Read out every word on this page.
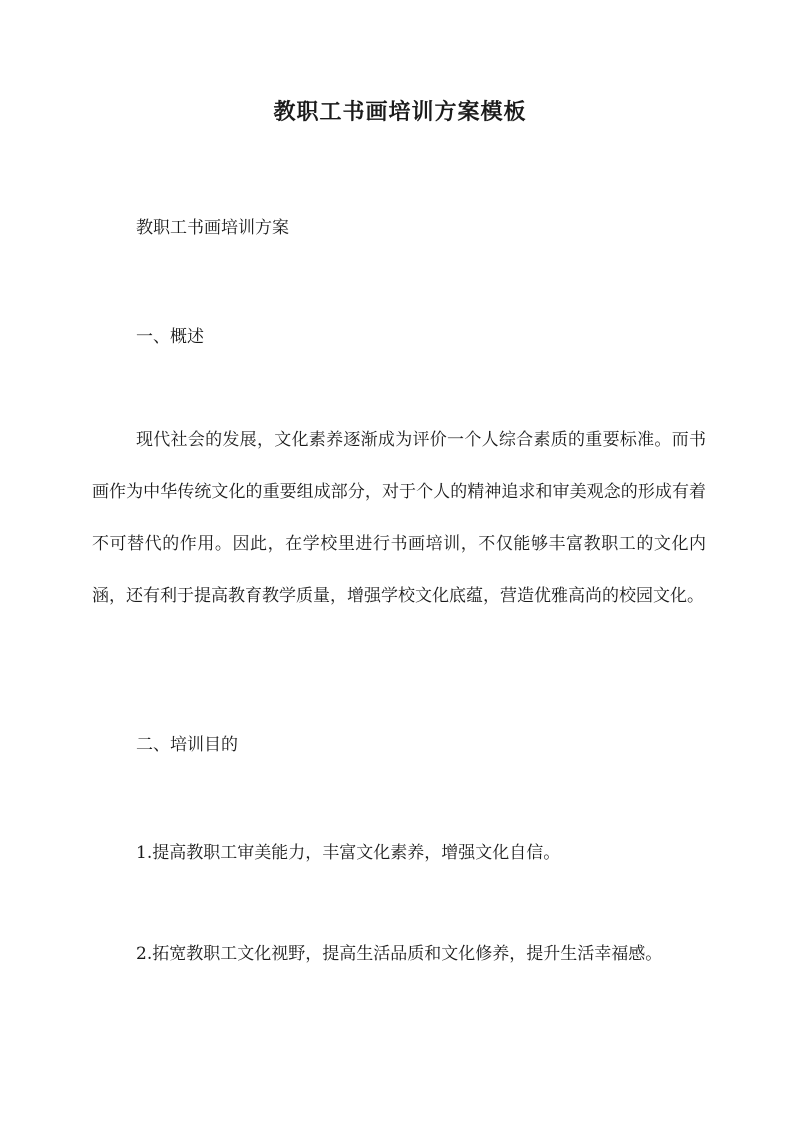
教职工书画培训方案模板
教职工书画培训方案
一、概述
现代社会的发展，文化素养逐渐成为评价一个人综合素质的重要标准。而书画作为中华传统文化的重要组成部分，对于个人的精神追求和审美观念的形成有着不可替代的作用。因此，在学校里进行书画培训，不仅能够丰富教职工的文化内涵，还有利于提高教育教学质量，增强学校文化底蕴，营造优雅高尚的校园文化。
二、培训目的
1.提高教职工审美能力，丰富文化素养，增强文化自信。
2.拓宽教职工文化视野，提高生活品质和文化修养，提升生活幸福感。
